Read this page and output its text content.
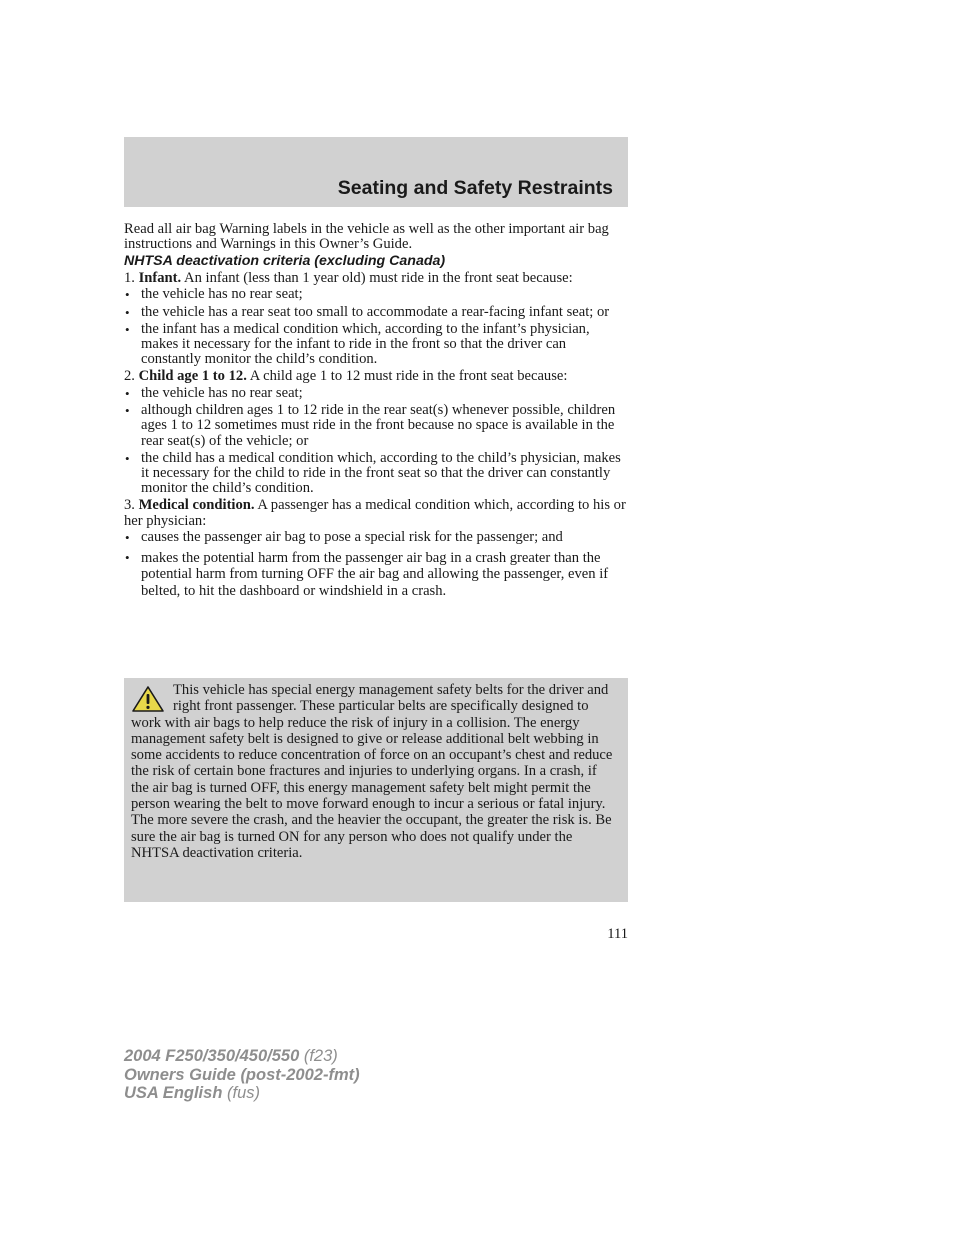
Seating and Safety Restraints

Read all air bag Warning labels in the vehicle as well as the other important air bag instructions and Warnings in this Owner’s Guide.

NHTSA deactivation criteria (excluding Canada)

1. Infant. An infant (less than 1 year old) must ride in the front seat because:

• the vehicle has no rear seat;
• the vehicle has a rear seat too small to accommodate a rear-facing infant seat; or
• the infant has a medical condition which, according to the infant’s physician, makes it necessary for the infant to ride in the front so that the driver can constantly monitor the child’s condition.

2. Child age 1 to 12. A child age 1 to 12 must ride in the front seat because:

• the vehicle has no rear seat;
• although children ages 1 to 12 ride in the rear seat(s) whenever possible, children ages 1 to 12 sometimes must ride in the front because no space is available in the rear seat(s) of the vehicle; or
• the child has a medical condition which, according to the child’s physician, makes it necessary for the child to ride in the front seat so that the driver can constantly monitor the child’s condition.

3. Medical condition. A passenger has a medical condition which, according to his or her physician:

• causes the passenger air bag to pose a special risk for the passenger; and
• makes the potential harm from the passenger air bag in a crash greater than the potential harm from turning OFF the air bag and allowing the passenger, even if belted, to hit the dashboard or windshield in a crash.
This vehicle has special energy management safety belts for the driver and right front passenger. These particular belts are specifically designed to work with air bags to help reduce the risk of injury in a collision. The energy management safety belt is designed to give or release additional belt webbing in some accidents to reduce concentration of force on an occupant’s chest and reduce the risk of certain bone fractures and injuries to underlying organs. In a crash, if the air bag is turned OFF, this energy management safety belt might permit the person wearing the belt to move forward enough to incur a serious or fatal injury. The more severe the crash, and the heavier the occupant, the greater the risk is. Be sure the air bag is turned ON for any person who does not qualify under the NHTSA deactivation criteria.
111
2004 F250/350/450/550 (f23)
Owners Guide (post-2002-fmt)
USA English (fus)
